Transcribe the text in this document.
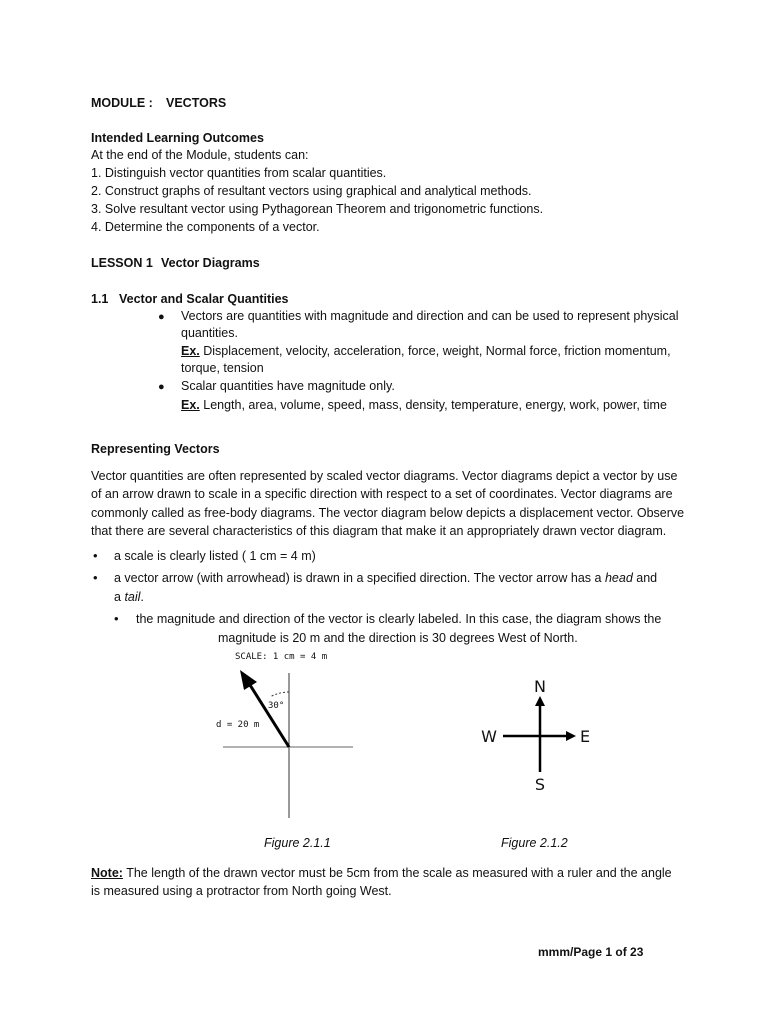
MODULE : VECTORS
Intended Learning Outcomes
At the end of the Module, students can:
1. Distinguish vector quantities from scalar quantities.
2. Construct graphs of resultant vectors using graphical and analytical methods.
3. Solve resultant vector using Pythagorean Theorem and trigonometric functions.
4. Determine the components of a vector.
LESSON 1 Vector Diagrams
1.1 Vector and Scalar Quantities
●
Vectors are quantities with magnitude and direction and can be used to represent physical
quantities.
Ex. Displacement, velocity, acceleration, force, weight, Normal force, friction momentum,
torque, tension
●
Scalar quantities have magnitude only.
Ex. Length, area, volume, speed, mass, density, temperature, energy, work, power, time
Representing Vectors
Vector quantities are often represented by scaled vector diagrams. Vector diagrams depict a vector by use
of an arrow drawn to scale in a specific direction with respect to a set of coordinates. Vector diagrams are
commonly called as free-body diagrams. The vector diagram below depicts a displacement vector. Observe
that there are several characteristics of this diagram that make it an appropriately drawn vector diagram.
•
a scale is clearly listed ( 1 cm = 4 m)
•
a vector arrow (with arrowhead) is drawn in a specified direction. The vector arrow has a head and
a tail.
•
the magnitude and direction of the vector is clearly labeled. In this case, the diagram shows the
magnitude is 20 m and the direction is 30 degrees West of North.
SCALE: 1 cm = 4 m
30°
d = 20 m
Figure 2.1.1
N
S
W	E
Figure 2.1.2
Note: The length of the drawn vector must be 5cm from the scale as measured with a ruler and the angle
is measured using a protractor from North going West.
mmm/Page 1 of 23
